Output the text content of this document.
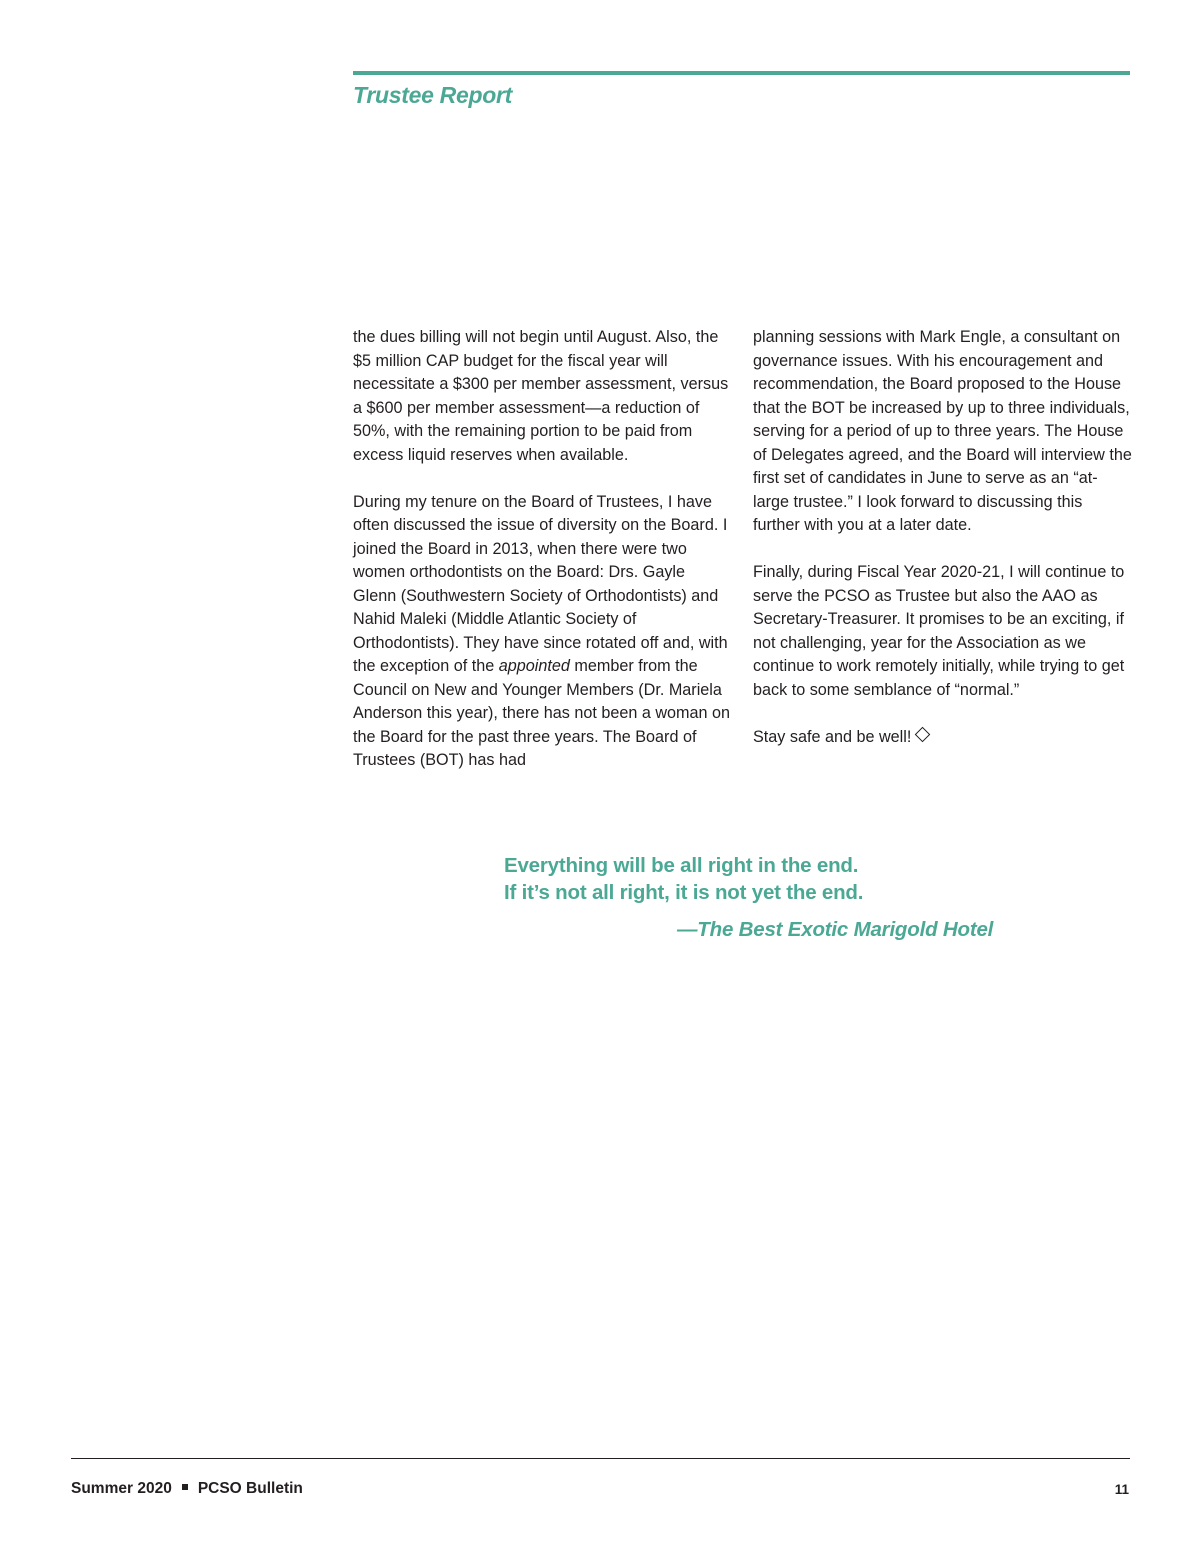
Trustee Report

the dues billing will not begin until August. Also, the $5 million CAP budget for the fiscal year will necessitate a $300 per member assessment, versus a $600 per member assessment—a reduction of 50%, with the remaining portion to be paid from excess liquid reserves when available.

During my tenure on the Board of Trustees, I have often discussed the issue of diversity on the Board. I joined the Board in 2013, when there were two women orthodontists on the Board: Drs. Gayle Glenn (Southwestern Society of Orthodontists) and Nahid Maleki (Middle Atlantic Society of Orthodontists). They have since rotated off and, with the exception of the appointed member from the Council on New and Younger Members (Dr. Mariela Anderson this year), there has not been a woman on the Board for the past three years. The Board of Trustees (BOT) has had

planning sessions with Mark Engle, a consultant on governance issues. With his encouragement and recommendation, the Board proposed to the House that the BOT be increased by up to three individuals, serving for a period of up to three years. The House of Delegates agreed, and the Board will interview the first set of candidates in June to serve as an “at-large trustee.” I look forward to discussing this further with you at a later date.

Finally, during Fiscal Year 2020-21, I will continue to serve the PCSO as Trustee but also the AAO as Secretary-Treasurer. It promises to be an exciting, if not challenging, year for the Association as we continue to work remotely initially, while trying to get back to some semblance of “normal.”

Stay safe and be well!

Everything will be all right in the end.

If it’s not all right, it is not yet the end.

—The Best Exotic Marigold Hotel

Summer 2020 PCSO Bulletin	11
